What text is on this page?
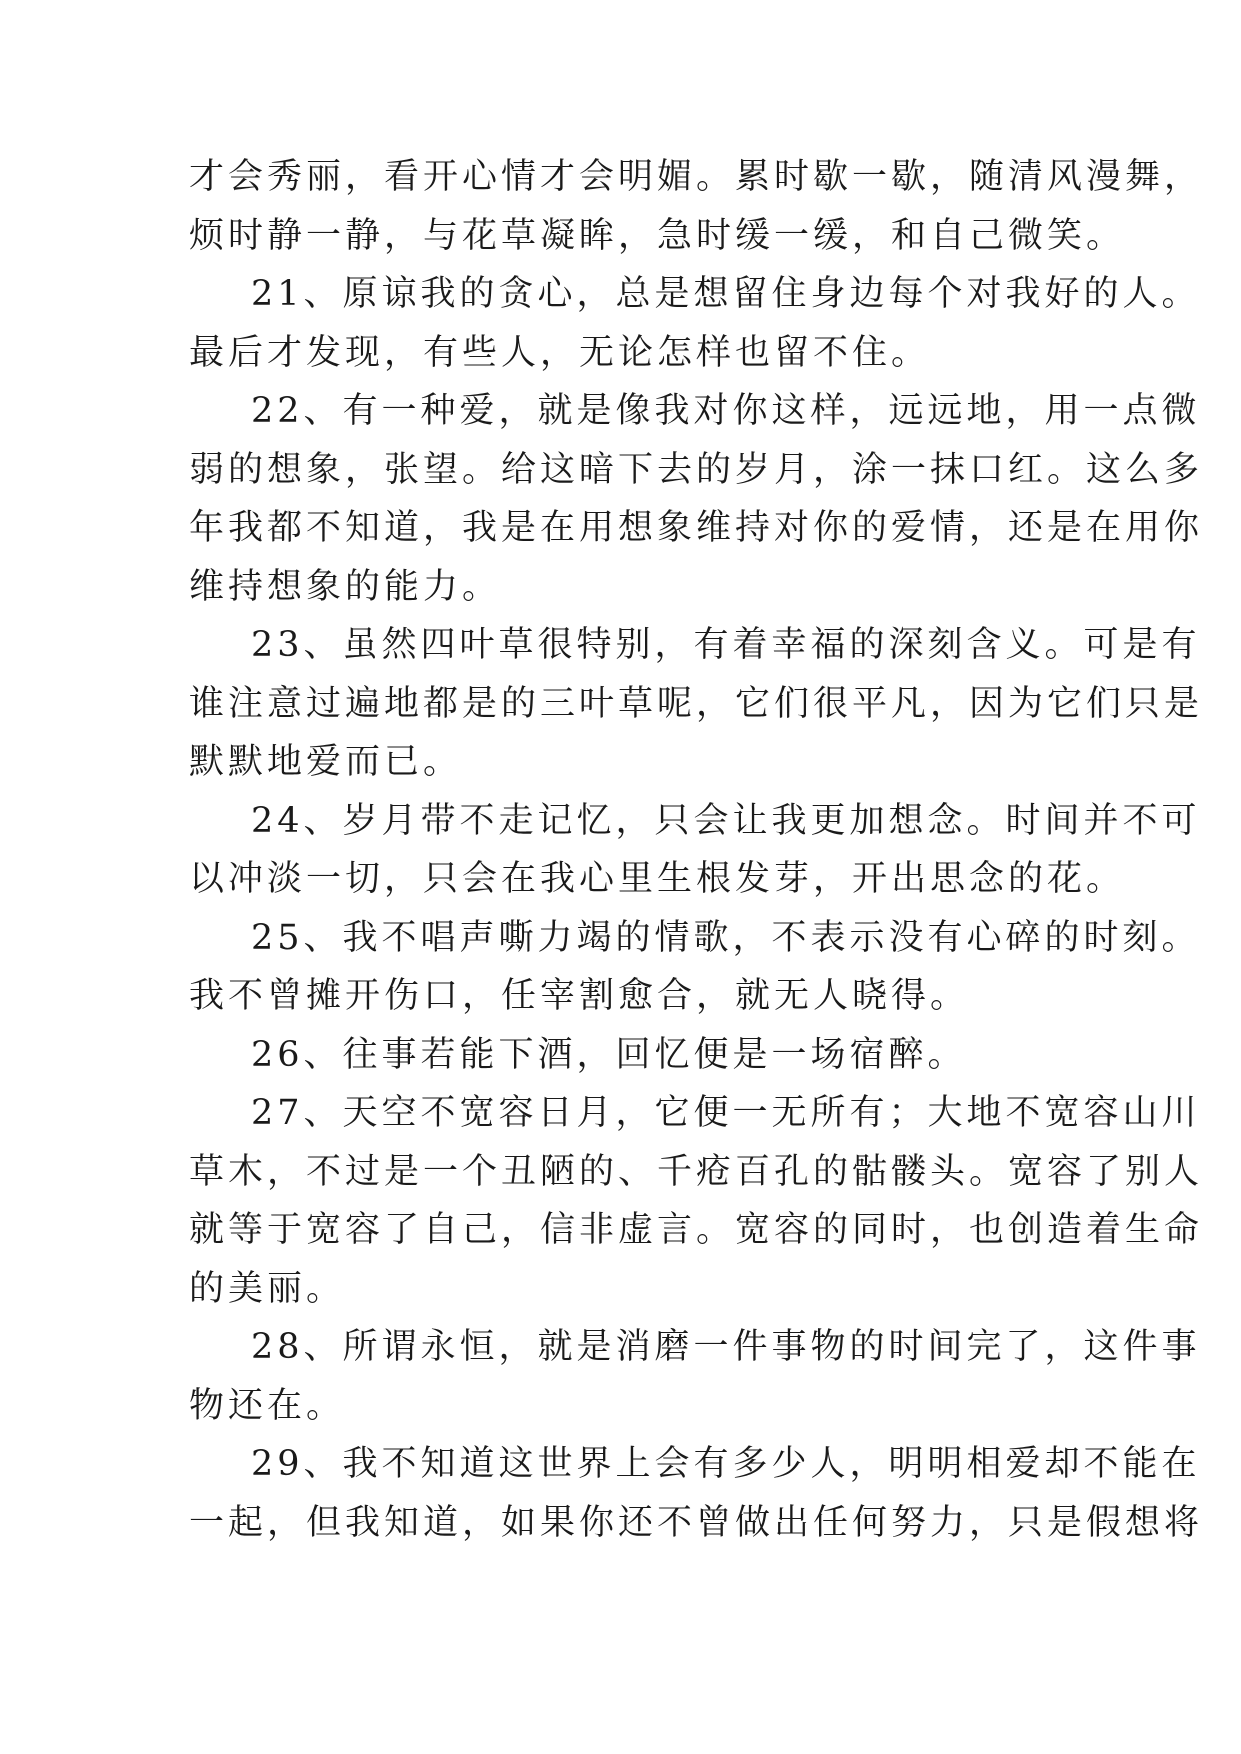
才会秀丽，看开心情才会明媚。累时歇一歇，随清风漫舞，
烦时静一静，与花草凝眸，急时缓一缓，和自己微笑。
21、原谅我的贪心，总是想留住身边每个对我好的人。
最后才发现，有些人，无论怎样也留不住。
22、有一种爱，就是像我对你这样，远远地，用一点微
弱的想象，张望。给这暗下去的岁月，涂一抹口红。这么多
年我都不知道，我是在用想象维持对你的爱情，还是在用你
维持想象的能力。
23、虽然四叶草很特别，有着幸福的深刻含义。可是有
谁注意过遍地都是的三叶草呢，它们很平凡，因为它们只是
默默地爱而已。
24、岁月带不走记忆，只会让我更加想念。时间并不可
以冲淡一切，只会在我心里生根发芽，开出思念的花。
25、我不唱声嘶力竭的情歌，不表示没有心碎的时刻。
我不曾摊开伤口，任宰割愈合，就无人晓得。
26、往事若能下酒，回忆便是一场宿醉。
27、天空不宽容日月，它便一无所有；大地不宽容山川
草木，不过是一个丑陋的、千疮百孔的骷髅头。宽容了别人
就等于宽容了自己，信非虚言。宽容的同时，也创造着生命
的美丽。
28、所谓永恒，就是消磨一件事物的时间完了，这件事
物还在。
29、我不知道这世界上会有多少人，明明相爱却不能在
一起，但我知道，如果你还不曾做出任何努力，只是假想将
